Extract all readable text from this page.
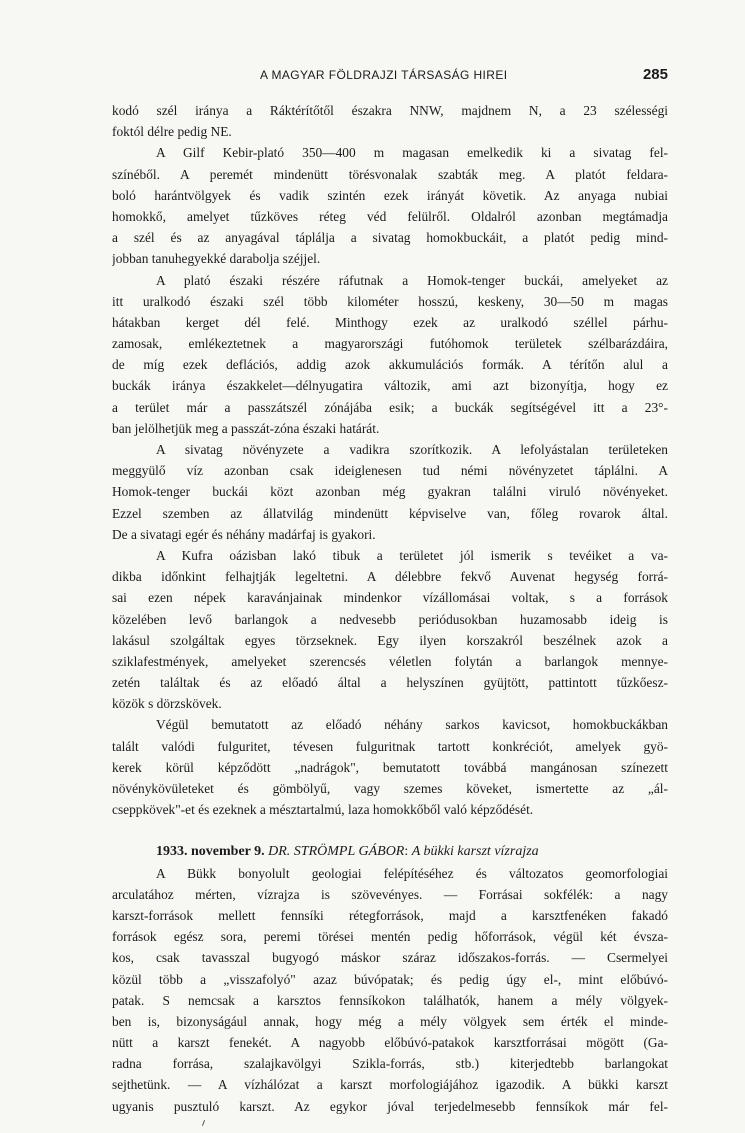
A MAGYAR FÖLDRAJZI TÁRSASÁG HIREI	285
kodó szél iránya a Ráktérítőtől északra NNW, majdnem N, a 23 szélességi
foktól délre pedig NE.
A Gilf Kebir-plató 350—400 m magasan emelkedik ki a sivatag fel-
színéből. A peremét mindenütt törésvonalak szabták meg. A platót feldara-
boló harántvölgyek és vadik szintén ezek irányát követik. Az anyaga nubiai
homokkő, amelyet tűzköves réteg véd felülről. Oldalról azonban megtámadja
a szél és az anyagával táplálja a sivatag homokbuckáit, a platót pedig mind-
jobban tanuhegyekké darabolja széjjel.
A plató északi részére ráfutnak a Homok-tenger buckái, amelyeket az
itt uralkodó északi szél több kilométer hosszú, keskeny, 30—50 m magas
hátakban kerget dél felé. Minthogy ezek az uralkodó széllel párhu-
zamosak, emlékeztetnek a magyarországi futóhomok területek szélbarázdáira,
de míg ezek deflációs, addig azok akkumulációs formák. A térítőn alul a
buckák iránya északkelet—délnyugatira változik, ami azt bizonyítja, hogy ez
a terület már a passzátszél zónájába esik; a buckák segítségével itt a 23°-
ban jelölhetjük meg a passzát-zóna északi határát.
A sivatag növényzete a vadikra szorítkozik. A lefolyástalan területeken
meggyülő víz azonban csak ideiglenesen tud némi növényzetet táplálni. A
Homok-tenger buckái közt azonban még gyakran találni viruló növényeket.
Ezzel szemben az állatvilág mindenütt képviselve van, főleg rovarok által.
De a sivatagi egér és néhány madárfaj is gyakori.
A Kufra oázisban lakó tibuk a területet jól ismerik s tevéiket a va-
dikba időnkint felhajtják legeltetni. A délebbre fekvő Auvenat hegység forrá-
sai ezen népek karavánjainak mindenkor vízállomásai voltak, s a források
közelében levő barlangok a nedvesebb periódusokban huzamosabb ideig is
lakásul szolgáltak egyes törzseknek. Egy ilyen korszakról beszélnek azok a
sziklafestmények, amelyeket szerencsés véletlen folytán a barlangok mennye-
zetén találtak és az előadó által a helyszínen gyüjtött, pattintott tűzkőesz-
közök s dörzskövek.
Végül bemutatott az előadó néhány sarkos kavicsot, homokbuckákban
talált valódi fulguritet, tévesen fulguritnak tartott konkréciót, amelyek gyö-
kerek körül képződött „nadrágok", bemutatott továbbá mangánosan színezett
növénykövületeket és gömbölyű, vagy szemes köveket, ismertette az „ál-
cseppkövek"-et és ezeknek a mésztartalmú, laza homokkőből való képződését.
1933. november 9. DR. STRÖMPL GÁBOR: A bükki karszt vízrajza
A Bükk bonyolult geologiai felépítéséhez és változatos geomorfologiai
arculatához mérten, vízrajza is szövevényes. — Forrásai sokfélék: a nagy
karszt-források mellett fennsíki rétegforrások, majd a karsztfenéken fakadó
források egész sora, peremi törései mentén pedig hőforrások, végül két évsza-
kos, csak tavasszal bugyogó máskor száraz időszakos-forrás. — Csermelyei
közül több a „visszafolyó" azaz búvópatak; és pedig úgy el-, mint előbúvó-
patak. S nemcsak a karsztos fennsíkokon találhatók, hanem a mély völgyek-
ben is, bizonyságául annak, hogy még a mély völgyek sem érték el minde-
nütt a karszt fenekét. A nagyobb előbúvó-patakok karsztforrásai mögött (Ga-
radna forrása, szalajkavölgyi Szikla-forrás, stb.) kiterjedtebb barlangokat
sejthetünk. — A vízhálózat a karszt morfologiájához igazodik. A bükki karszt
ugyanis pusztuló karszt. Az egykor jóval terjedelmesebb fennsíkok már fel-
